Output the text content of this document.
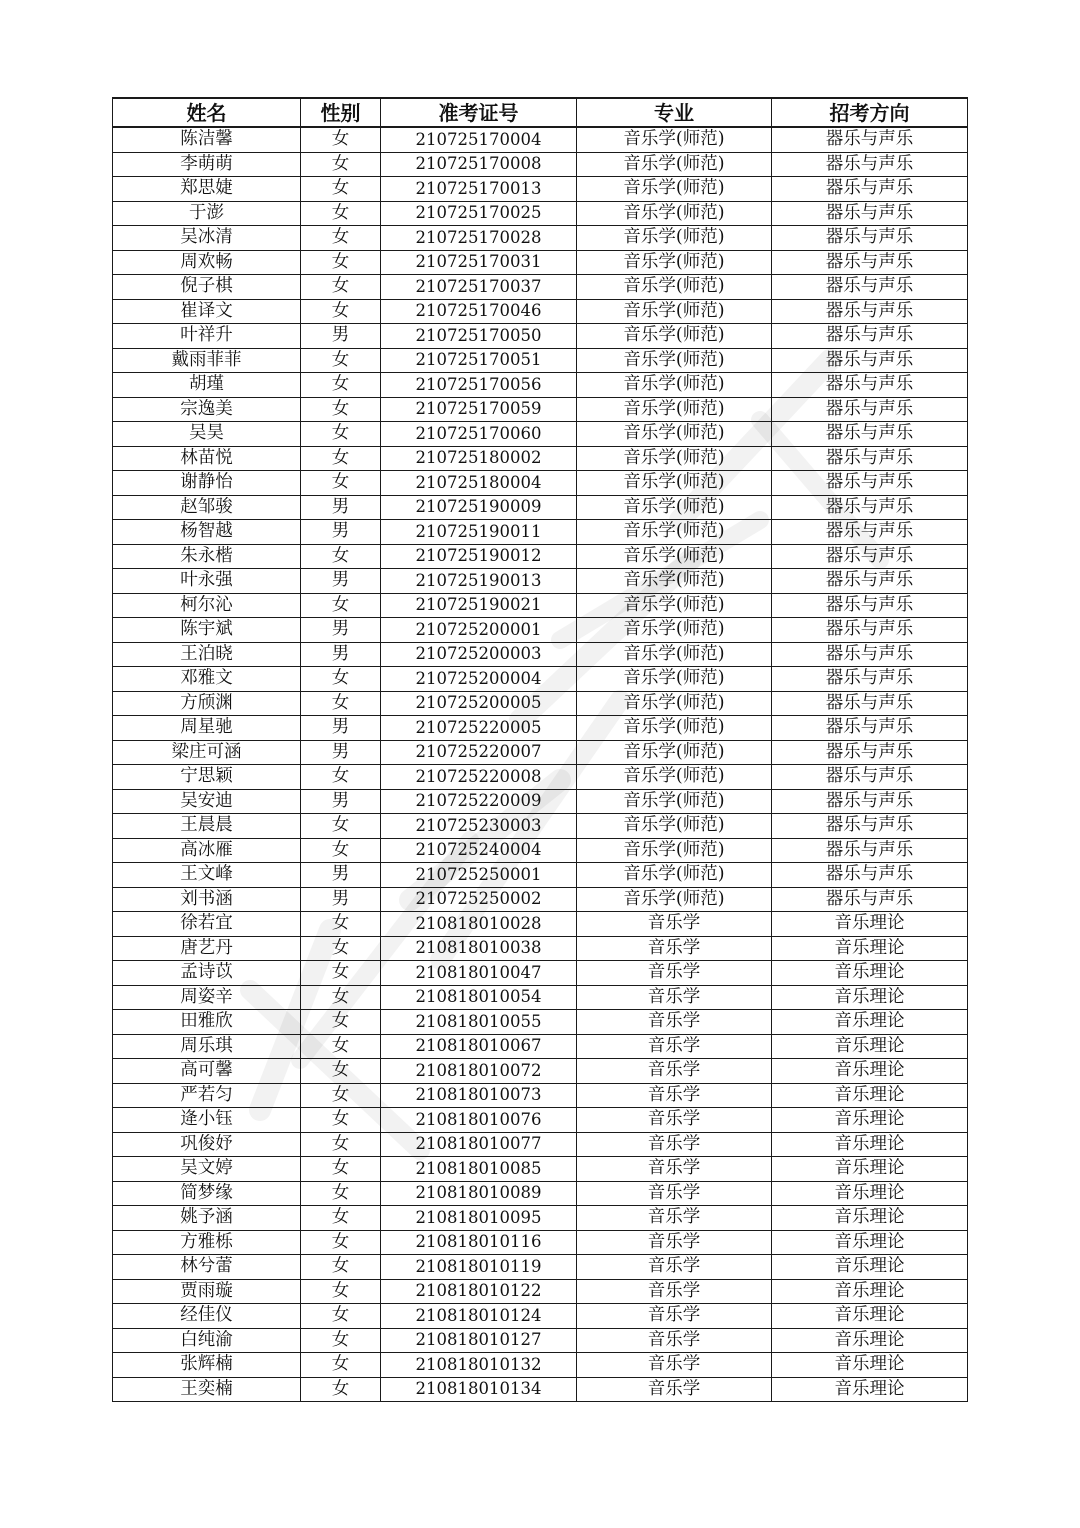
姓名	性别	准考证号	专业	招考方向
陈洁馨	女	210725170004	音乐学(师范)	器乐与声乐
李萌萌	女	210725170008	音乐学(师范)	器乐与声乐
郑思婕	女	210725170013	音乐学(师范)	器乐与声乐
于澎	女	210725170025	音乐学(师范)	器乐与声乐
吴冰清	女	210725170028	音乐学(师范)	器乐与声乐
周欢畅	女	210725170031	音乐学(师范)	器乐与声乐
倪子棋	女	210725170037	音乐学(师范)	器乐与声乐
崔译文	女	210725170046	音乐学(师范)	器乐与声乐
叶祥升	男	210725170050	音乐学(师范)	器乐与声乐
戴雨菲菲	女	210725170051	音乐学(师范)	器乐与声乐
胡瑾	女	210725170056	音乐学(师范)	器乐与声乐
宗逸美	女	210725170059	音乐学(师范)	器乐与声乐
吴昊	女	210725170060	音乐学(师范)	器乐与声乐
林苗悦	女	210725180002	音乐学(师范)	器乐与声乐
谢静怡	女	210725180004	音乐学(师范)	器乐与声乐
赵邹骏	男	210725190009	音乐学(师范)	器乐与声乐
杨智越	男	210725190011	音乐学(师范)	器乐与声乐
朱永楷	女	210725190012	音乐学(师范)	器乐与声乐
叶永强	男	210725190013	音乐学(师范)	器乐与声乐
柯尔沁	女	210725190021	音乐学(师范)	器乐与声乐
陈宇斌	男	210725200001	音乐学(师范)	器乐与声乐
王泊晓	男	210725200003	音乐学(师范)	器乐与声乐
邓雅文	女	210725200004	音乐学(师范)	器乐与声乐
方颀渊	女	210725200005	音乐学(师范)	器乐与声乐
周星驰	男	210725220005	音乐学(师范)	器乐与声乐
梁庄可涵	男	210725220007	音乐学(师范)	器乐与声乐
宁思颖	女	210725220008	音乐学(师范)	器乐与声乐
吴安迪	男	210725220009	音乐学(师范)	器乐与声乐
王晨晨	女	210725230003	音乐学(师范)	器乐与声乐
高冰雁	女	210725240004	音乐学(师范)	器乐与声乐
王文峰	男	210725250001	音乐学(师范)	器乐与声乐
刘书涵	男	210725250002	音乐学(师范)	器乐与声乐
徐若宜	女	210818010028	音乐学	音乐理论
唐艺丹	女	210818010038	音乐学	音乐理论
孟诗苡	女	210818010047	音乐学	音乐理论
周姿辛	女	210818010054	音乐学	音乐理论
田雅欣	女	210818010055	音乐学	音乐理论
周乐琪	女	210818010067	音乐学	音乐理论
高可馨	女	210818010072	音乐学	音乐理论
严若匀	女	210818010073	音乐学	音乐理论
逄小钰	女	210818010076	音乐学	音乐理论
巩俊妤	女	210818010077	音乐学	音乐理论
吴文婷	女	210818010085	音乐学	音乐理论
简梦缘	女	210818010089	音乐学	音乐理论
姚予涵	女	210818010095	音乐学	音乐理论
方雅栎	女	210818010116	音乐学	音乐理论
林兮蕾	女	210818010119	音乐学	音乐理论
贾雨璇	女	210818010122	音乐学	音乐理论
经佳仪	女	210818010124	音乐学	音乐理论
白纯渝	女	210818010127	音乐学	音乐理论
张辉楠	女	210818010132	音乐学	音乐理论
王奕楠	女	210818010134	音乐学	音乐理论
